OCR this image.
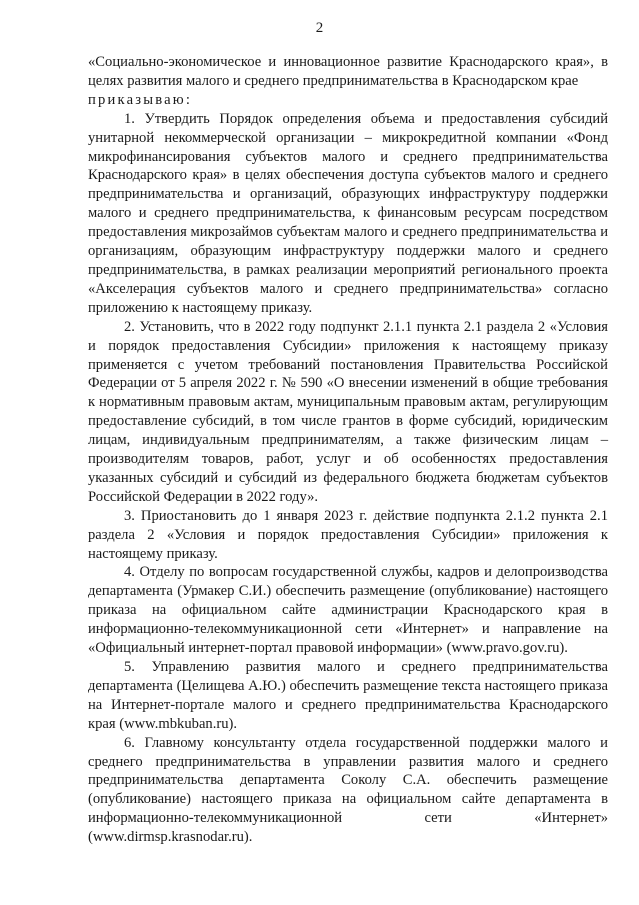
2

«Социально-экономическое и инновационное развитие Краснодарского края», в целях развития малого и среднего предпринимательства в Краснодарском крае

приказываю:

1. Утвердить Порядок определения объема и предоставления субсидий унитарной некоммерческой организации – микрокредитной компании «Фонд микрофинансирования субъектов малого и среднего предпринимательства Краснодарского края» в целях обеспечения доступа субъектов малого и среднего предпринимательства и организаций, образующих инфраструктуру поддержки малого и среднего предпринимательства, к финансовым ресурсам посредством предоставления микрозаймов субъектам малого и среднего предпринимательства и организациям, образующим инфраструктуру поддержки малого и среднего предпринимательства, в рамках реализации мероприятий регионального проекта «Акселерация субъектов малого и среднего предпринимательства» согласно приложению к настоящему приказу.

2. Установить, что в 2022 году подпункт 2.1.1 пункта 2.1 раздела 2 «Условия и порядок предоставления Субсидии» приложения к настоящему приказу применяется с учетом требований постановления Правительства Российской Федерации от 5 апреля 2022 г. № 590 «О внесении изменений в общие требования к нормативным правовым актам, муниципальным правовым актам, регулирующим предоставление субсидий, в том числе грантов в форме субсидий, юридическим лицам, индивидуальным предпринимателям, а также физическим лицам – производителям товаров, работ, услуг и об особенностях предоставления указанных субсидий и субсидий из федерального бюджета бюджетам субъектов Российской Федерации в 2022 году».

3. Приостановить до 1 января 2023 г. действие подпункта 2.1.2 пункта 2.1 раздела 2 «Условия и порядок предоставления Субсидии» приложения к настоящему приказу.

4. Отделу по вопросам государственной службы, кадров и делопроизводства департамента (Урмакер С.И.) обеспечить размещение (опубликование) настоящего приказа на официальном сайте администрации Краснодарского края в информационно-телекоммуникационной сети «Интернет» и направление на «Официальный интернет-портал правовой информации» (www.pravo.gov.ru).

5. Управлению развития малого и среднего предпринимательства департамента (Целищева А.Ю.) обеспечить размещение текста настоящего приказа на Интернет-портале малого и среднего предпринимательства Краснодарского края (www.mbkuban.ru).

6. Главному консультанту отдела государственной поддержки малого и среднего предпринимательства в управлении развития малого и среднего предпринимательства департамента Соколу С.А. обеспечить размещение (опубликование) настоящего приказа на официальном сайте департамента в информационно-телекоммуникационной сети «Интернет» (www.dirmsp.krasnodar.ru).
